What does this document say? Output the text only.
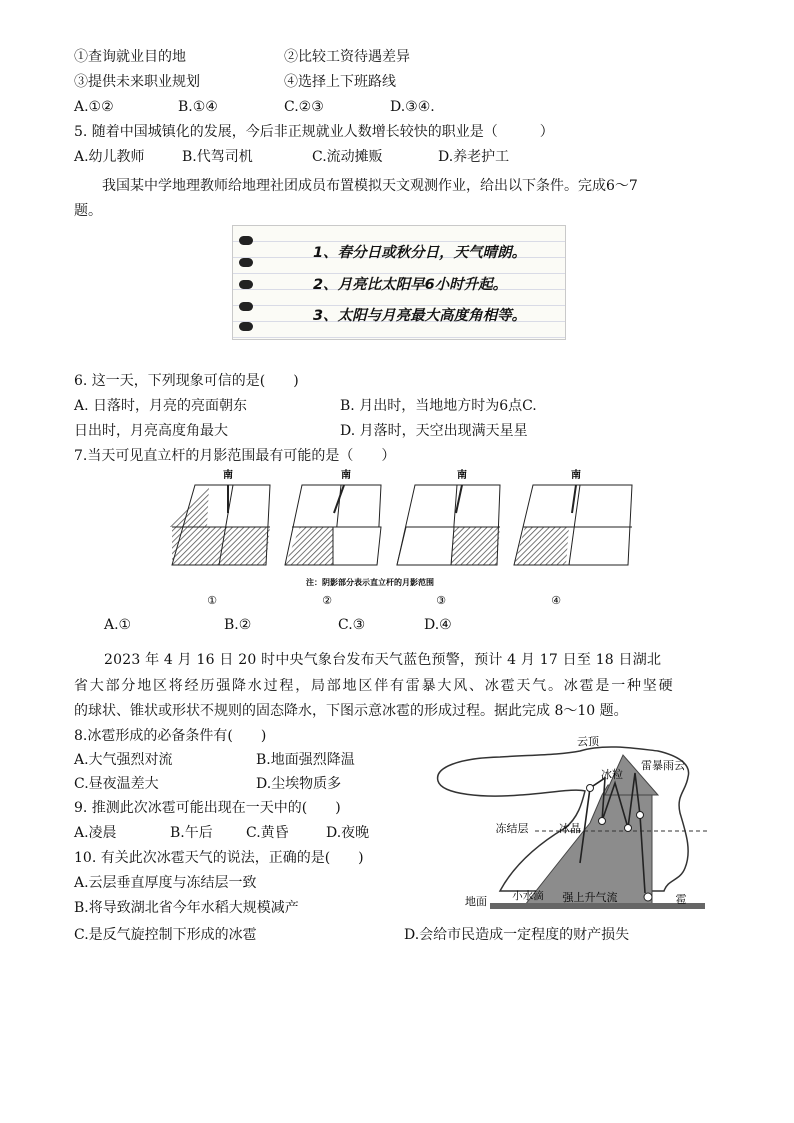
①查询就业目的地	②比较工资待遇差异
③提供未来职业规划	④选择上下班路线
A.①②	B.①④	C.②③	D.③④.
5. 随着中国城镇化的发展，今后非正规就业人数增长较快的职业是（　　　）
A.幼儿教师	B.代驾司机	C.流动摊贩	D.养老护工
我国某中学地理教师给地理社团成员布置模拟天文观测作业，给出以下条件。完成6～7
题。
1、春分日或秋分日，天气晴朗。
2、月亮比太阳早6小时升起。
3、太阳与月亮最大高度角相等。
6. 这一天，下列现象可信的是(　　)
A. 日落时，月亮的亮面朝东	B. 月出时，当地地方时为6点C.
日出时，月亮高度角最大	D. 月落时，天空出现满天星星
7.当天可见直立杆的月影范围最有可能的是（　　）
南	南	南	南
注：阴影部分表示直立杆的月影范围
①	②	③	④
A.①	B.②	C.③	D.④
2023 年 4 月 16 日 20 时中央气象台发布天气蓝色预警，预计 4 月 17 日至 18 日湖北
省大部分地区将经历强降水过程，局部地区伴有雷暴大风、冰雹天气。冰雹是一种坚硬
的球状、锥状或形状不规则的固态降水，下图示意冰雹的形成过程。据此完成 8～10 题。
8.冰雹形成的必备条件有(　　)
A.大气强烈对流	B.地面强烈降温
C.昼夜温差大	D.尘埃物质多
9. 推测此次冰雹可能出现在一天中的(　　)
A.凌晨	B.午后 C.黄昏	D.夜晚
10. 有关此次冰雹天气的说法，正确的是(　　)
A.云层垂直厚度与冻结层一致
B.将导致湖北省今年水稻大规模减产
C.是反气旋控制下形成的冰雹	D.会给市民造成一定程度的财产损失
云顶
雷暴雨云
冰粒
冻结层	冰晶
地面 小水滴 强上升气流	雹
